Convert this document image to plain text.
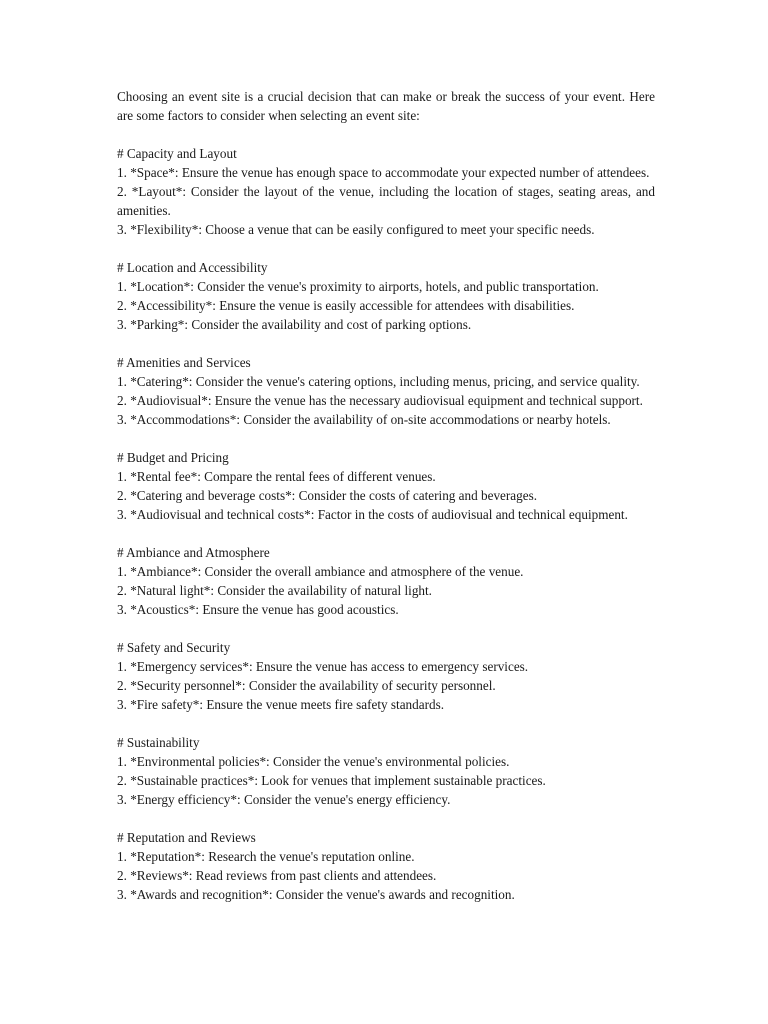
Choosing an event site is a crucial decision that can make or break the success of your event. Here are some factors to consider when selecting an event site:

# Capacity and Layout

1. *Space*: Ensure the venue has enough space to accommodate your expected number of attendees.

2. *Layout*: Consider the layout of the venue, including the location of stages, seating areas, and amenities.

3. *Flexibility*: Choose a venue that can be easily configured to meet your specific needs.

# Location and Accessibility

1. *Location*: Consider the venue's proximity to airports, hotels, and public transportation.

2. *Accessibility*: Ensure the venue is easily accessible for attendees with disabilities.

3. *Parking*: Consider the availability and cost of parking options.

# Amenities and Services

1. *Catering*: Consider the venue's catering options, including menus, pricing, and service quality.

2. *Audiovisual*: Ensure the venue has the necessary audiovisual equipment and technical support.

3. *Accommodations*: Consider the availability of on-site accommodations or nearby hotels.

# Budget and Pricing

1. *Rental fee*: Compare the rental fees of different venues.

2. *Catering and beverage costs*: Consider the costs of catering and beverages.

3. *Audiovisual and technical costs*: Factor in the costs of audiovisual and technical equipment.

# Ambiance and Atmosphere

1. *Ambiance*: Consider the overall ambiance and atmosphere of the venue.

2. *Natural light*: Consider the availability of natural light.

3. *Acoustics*: Ensure the venue has good acoustics.

# Safety and Security

1. *Emergency services*: Ensure the venue has access to emergency services.

2. *Security personnel*: Consider the availability of security personnel.

3. *Fire safety*: Ensure the venue meets fire safety standards.

# Sustainability

1. *Environmental policies*: Consider the venue's environmental policies.

2. *Sustainable practices*: Look for venues that implement sustainable practices.

3. *Energy efficiency*: Consider the venue's energy efficiency.

# Reputation and Reviews

1. *Reputation*: Research the venue's reputation online.

2. *Reviews*: Read reviews from past clients and attendees.

3. *Awards and recognition*: Consider the venue's awards and recognition.
